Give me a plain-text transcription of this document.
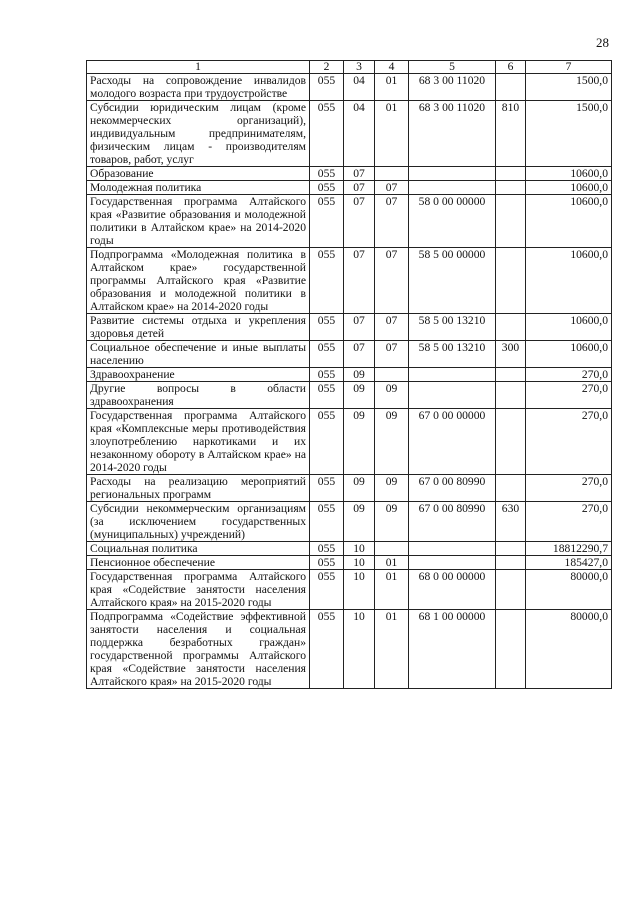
28
1	2	3	4	5	6	7
Расходы на сопровождение инвалидов молодого возраста при трудоустройстве	055	04	01	68 3 00 11020		1500,0
Субсидии юридическим лицам (кроме некоммерческих организаций), индивидуальным предпринимателям, физическим лицам - производителям товаров, работ, услуг	055	04	01	68 3 00 11020	810	1500,0
Образование	055	07				10600,0
Молодежная политика	055	07	07			10600,0
Государственная программа Алтайского края «Развитие образования и молодежной политики в Алтайском крае» на 2014-2020 годы	055	07	07	58 0 00 00000		10600,0
Подпрограмма «Молодежная политика в Алтайском крае» государственной программы Алтайского края «Развитие образования и молодежной политики в Алтайском крае» на 2014-2020 годы	055	07	07	58 5 00 00000		10600,0
Развитие системы отдыха и укрепления здоровья детей	055	07	07	58 5 00 13210		10600,0
Социальное обеспечение и иные выплаты населению	055	07	07	58 5 00 13210	300	10600,0
Здравоохранение	055	09				270,0
Другие вопросы в области здравоохранения	055	09	09			270,0
Государственная программа Алтайского края «Комплексные меры противодействия злоупотреблению наркотиками и их незаконному обороту в Алтайском крае» на 2014-2020 годы	055	09	09	67 0 00 00000		270,0
Расходы на реализацию мероприятий региональных программ	055	09	09	67 0 00 80990		270,0
Субсидии некоммерческим организациям (за исключением государственных (муниципальных) учреждений)	055	09	09	67 0 00 80990	630	270,0
Социальная политика	055	10				18812290,7
Пенсионное обеспечение	055	10	01			185427,0
Государственная программа Алтайского края «Содействие занятости населения Алтайского края» на 2015-2020 годы	055	10	01	68 0 00 00000		80000,0
Подпрограмма «Содействие эффективной занятости населения и социальная поддержка безработных граждан» государственной программы Алтайского края «Содействие занятости населения Алтайского края» на 2015-2020 годы	055	10	01	68 1 00 00000		80000,0
